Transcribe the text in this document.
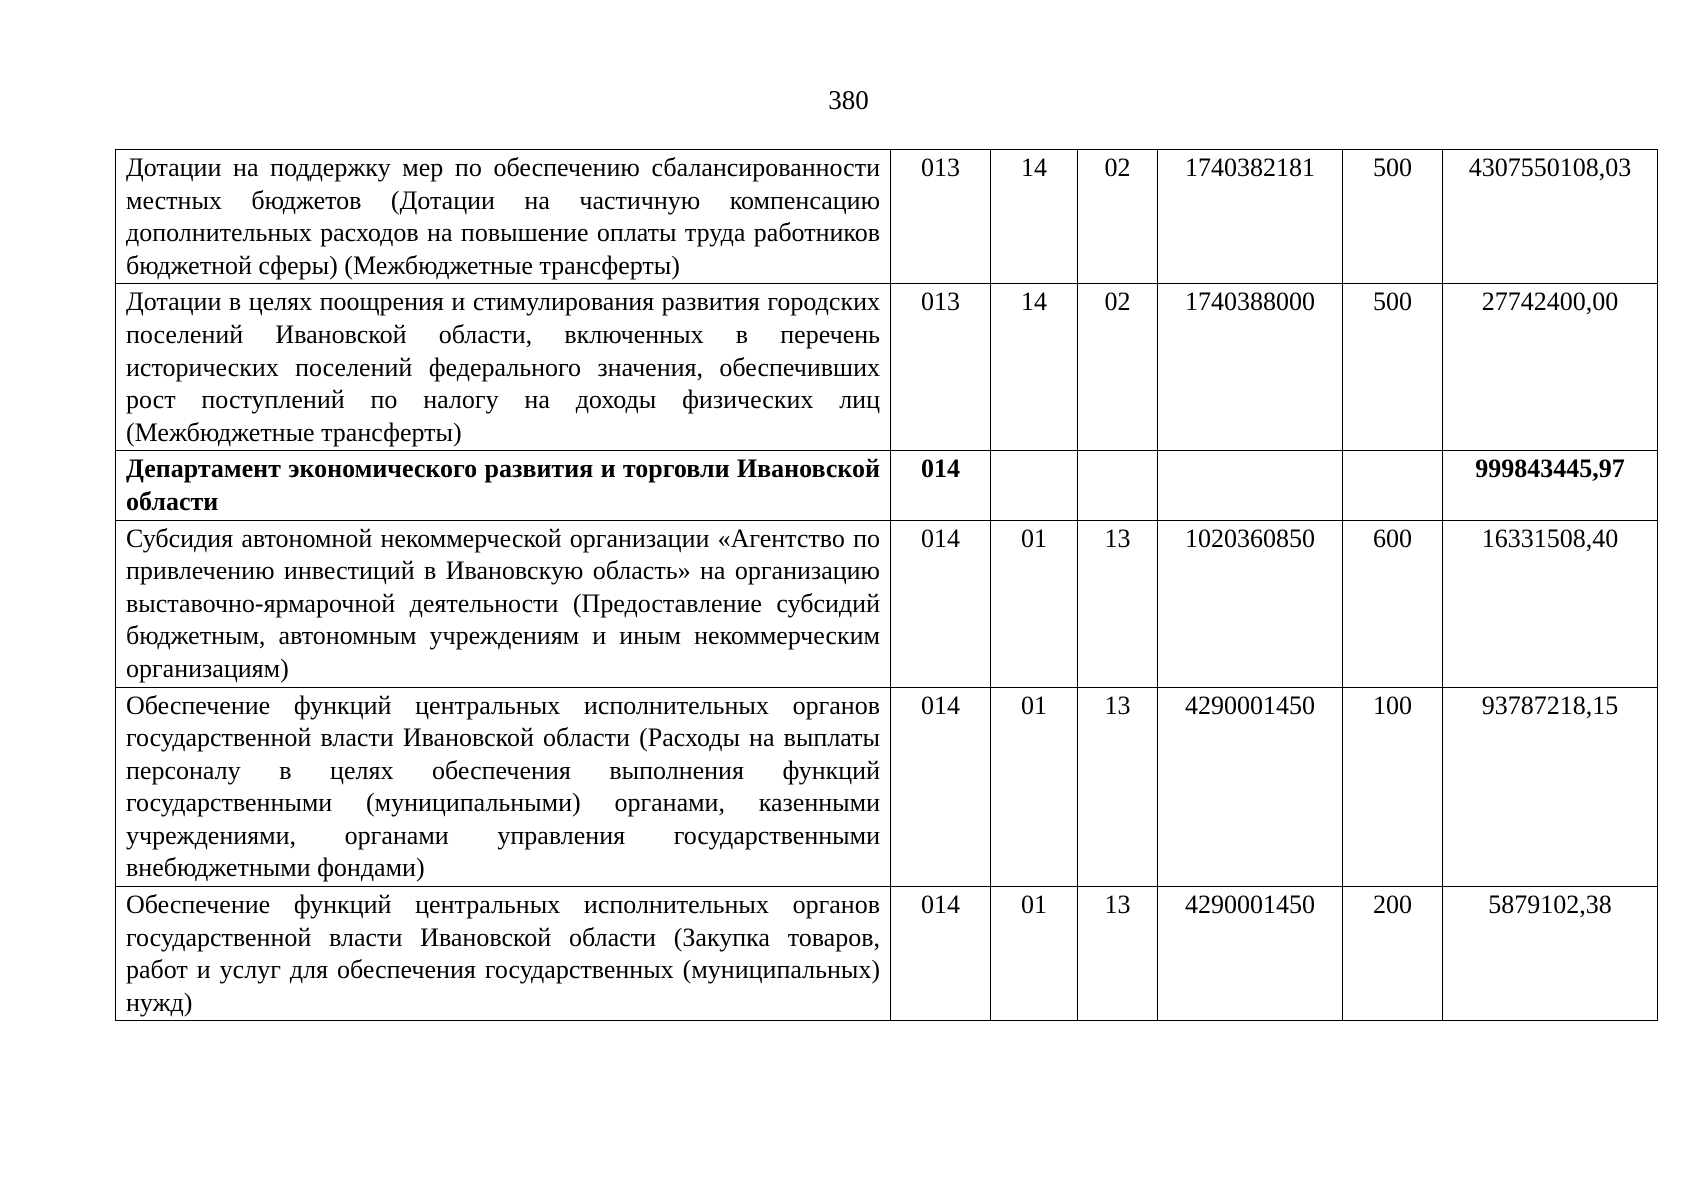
380
Дотации на поддержку мер по обеспечению сбалансированности местных бюджетов (Дотации на частичную компенсацию дополнительных расходов на повышение оплаты труда работников бюджетной сферы) (Межбюджетные трансферты)	013	14	02	1740382181	500	4307550108,03
Дотации в целях поощрения и стимулирования развития городских поселений Ивановской области, включенных в перечень исторических поселений федерального значения, обеспечивших рост поступлений по налогу на доходы физических лиц (Межбюджетные трансферты)	013	14	02	1740388000	500	27742400,00
Департамент экономического развития и торговли Ивановской области	014					999843445,97
Субсидия автономной некоммерческой организации «Агентство по привлечению инвестиций в Ивановскую область» на организацию выставочно-ярмарочной деятельности (Предоставление субсидий бюджетным, автономным учреждениям и иным некоммерческим организациям)	014	01	13	1020360850	600	16331508,40
Обеспечение функций центральных исполнительных органов государственной власти Ивановской области (Расходы на выплаты персоналу в целях обеспечения выполнения функций государственными (муниципальными) органами, казенными учреждениями, органами управления государственными внебюджетными фондами)	014	01	13	4290001450	100	93787218,15
Обеспечение функций центральных исполнительных органов государственной власти Ивановской области (Закупка товаров, работ и услуг для обеспечения государственных (муниципальных) нужд)	014	01	13	4290001450	200	5879102,38
